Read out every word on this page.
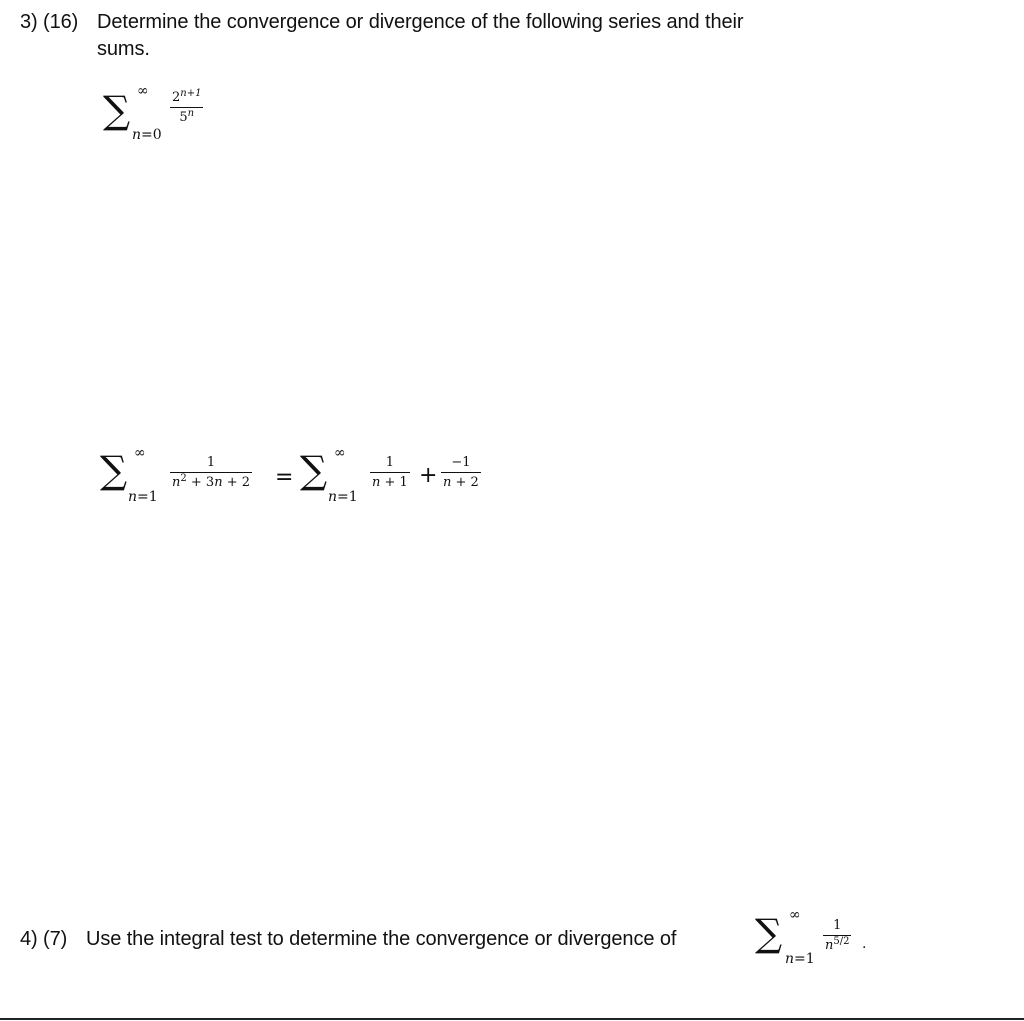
3) (16) Determine the convergence or divergence of the following series and their
sums.
∑ ∞
n=0
$2^{n+1}$
5$^n$
∑ ∞
n=1
1
$n^2 + 3n + 2$ = ∑ ∞
n=1
1
n + 1 +
−1
n + 2
4) (7) Use the integral test to determine the convergence or divergence of ∑ ∞
n=1
1
$n^{5/2}$ .
